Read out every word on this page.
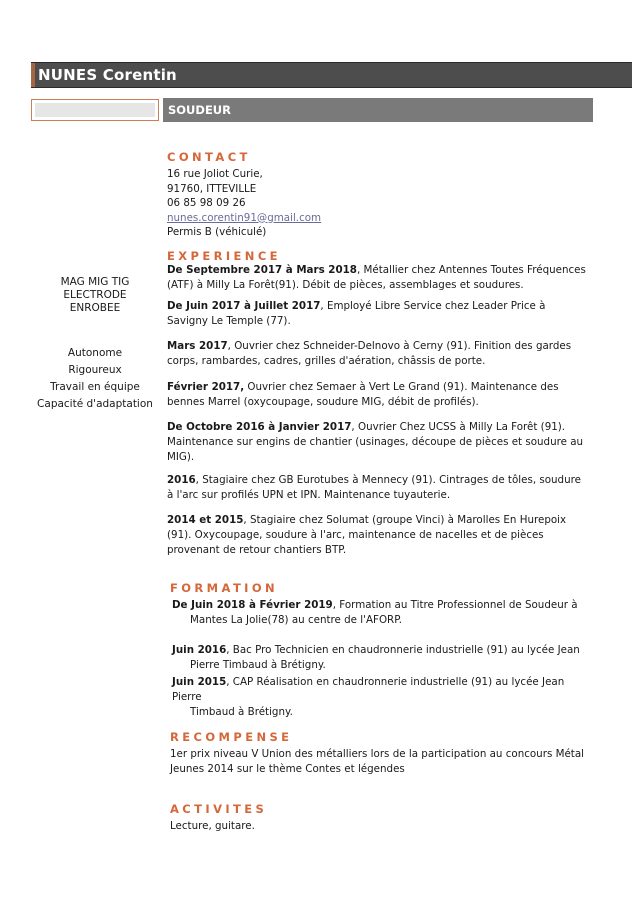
NUNES Corentin
SOUDEUR
MAG MIG TIG
ELECTRODE
ENROBEE
Autonome
Rigoureux
Travail en équipe
Capacité d'adaptation
CONTACT
16 rue Joliot Curie,
91760, ITTEVILLE
06 85 98 09 26
nunes.corentin91@gmail.com
Permis B (véhiculé)
EXPERIENCE
De Septembre 2017 à Mars 2018, Métallier chez Antennes Toutes Fréquences (ATF) à Milly La Forêt(91). Débit de pièces, assemblages et soudures.
De Juin 2017 à Juillet 2017, Employé Libre Service chez Leader Price à Savigny Le Temple (77).
Mars 2017, Ouvrier chez Schneider-Delnovo à Cerny (91). Finition des gardes corps, rambardes, cadres, grilles d'aération, châssis de porte.
Février 2017, Ouvrier chez Semaer à Vert Le Grand (91). Maintenance des bennes Marrel (oxycoupage, soudure MIG, débit de profilés).
De Octobre 2016 à Janvier 2017, Ouvrier Chez UCSS à Milly La Forêt (91). Maintenance sur engins de chantier (usinages, découpe de pièces et soudure au MIG).
2016, Stagiaire chez GB Eurotubes à Mennecy (91). Cintrages de tôles, soudure à l'arc sur profilés UPN et IPN. Maintenance tuyauterie.
2014 et 2015, Stagiaire chez Solumat (groupe Vinci) à Marolles En Hurepoix (91). Oxycoupage, soudure à l'arc, maintenance de nacelles et de pièces provenant de retour chantiers BTP.
FORMATION
De Juin 2018 à Février 2019, Formation au Titre Professionnel de Soudeur à
Mantes La Jolie(78) au centre de l'AFORP.
Juin 2016, Bac Pro Technicien en chaudronnerie industrielle (91) au lycée Jean
Pierre Timbaud à Brétigny.
Juin 2015, CAP Réalisation en chaudronnerie industrielle (91) au lycée Jean Pierre
Timbaud à Brétigny.
RECOMPENSE
1er prix niveau V Union des métalliers lors de la participation au concours Métal Jeunes 2014 sur le thème Contes et légendes
ACTIVITES
Lecture, guitare.
